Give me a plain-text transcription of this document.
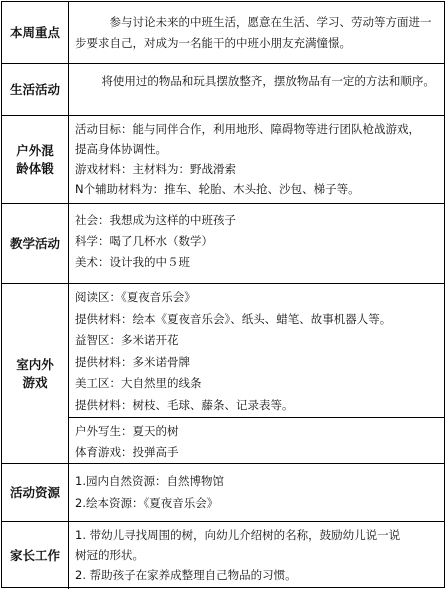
本周重点
参与讨论未来的中班生活，愿意在生活、学习、劳动等方面进一步要求自己，对成为一名能干的中班小朋友充满憧憬。
生活活动
将使用过的物品和玩具摆放整齐，摆放物品有一定的方法和顺序。
户外混
龄体锻
活动目标：能与同伴合作，利用地形、障碍物等进行团队枪战游戏，
提高身体协调性。
游戏材料：主材料为：野战滑索
N个辅助材料为：推车、轮胎、木头抢、沙包、梯子等。
教学活动
社会：我想成为这样的中班孩子
科学：喝了几杯水（数学）
美术：设计我的中５班
室内外
游戏
阅读区：《夏夜音乐会》
提供材料：绘本《夏夜音乐会》、纸头、蜡笔、故事机器人等。
益智区：多米诺开花
提供材料：多米诺骨牌
美工区：大自然里的线条
提供材料：树枝、毛球、藤条、记录表等。
户外写生：夏天的树
体育游戏：投弹高手
活动资源
1.园内自然资源：自然博物馆
2.绘本资源：《夏夜音乐会》
家长工作
1. 带幼儿寻找周围的树，向幼儿介绍树的名称，鼓励幼儿说一说
树冠的形状。
2. 帮助孩子在家养成整理自己物品的习惯。
